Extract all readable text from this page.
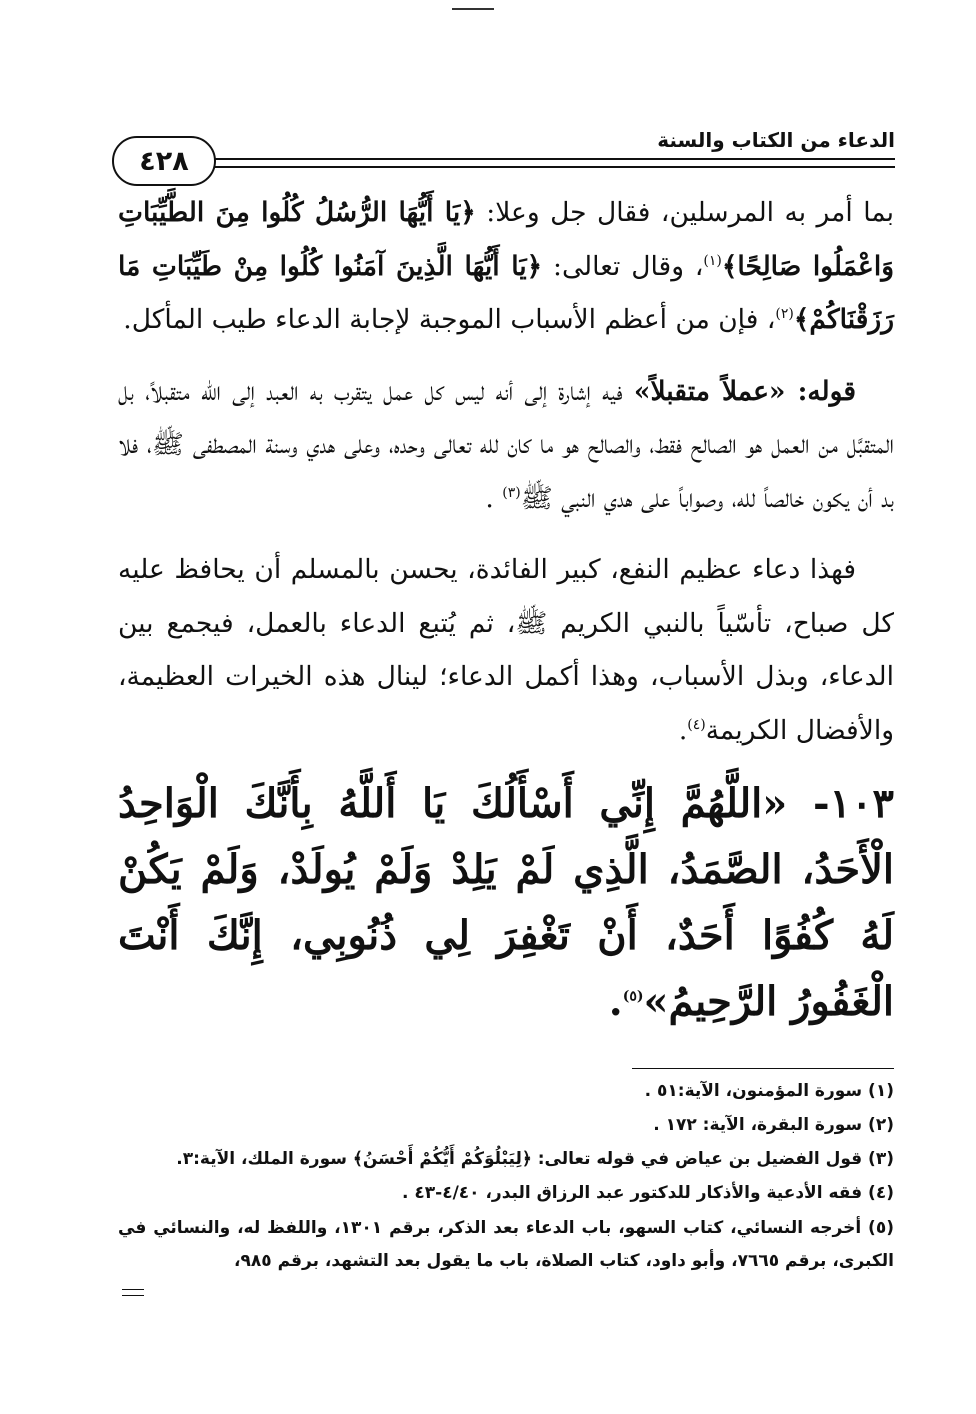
الدعاء من الكتاب والسنة
٤٢٨

بما أمر به المرسلين، فقال جل وعلا: ﴿يَا أَيُّهَا الرُّسُلُ كُلُوا مِنَ الطَّيِّبَاتِ وَاعْمَلُوا صَالِحًا﴾$^{(١)}$، وقال تعالى: ﴿يَا أَيُّهَا الَّذِينَ آمَنُوا كُلُوا مِنْ طَيِّبَاتِ مَا رَزَقْنَاكُمْ﴾$^{(٢)}$، فإن من أعظم الأسباب الموجبة لإجابة الدعاء طيب المأكل.

قوله: «عملاً متقبلاً» فيه إشارة إلى أنه ليس كل عمل يتقرب به العبد إلى الله متقبلاً، بل المتقبَّل من العمل هو الصالح فقط، والصالح هو ما كان لله تعالى وحده، وعلى هدي وسنة المصطفى ﷺ، فلا بد أن يكون خالصاً لله، وصواباً على هدي النبي ﷺ$^{(٣)}$ .

فهذا دعاء عظيم النفع، كبير الفائدة، يحسن بالمسلم أن يحافظ عليه كل صباح، تأسّياً بالنبي الكريم ﷺ، ثم يُتبع الدعاء بالعمل، فيجمع بين الدعاء، وبذل الأسباب، وهذا أكمل الدعاء؛ لينال هذه الخيرات العظيمة، والأفضال الكريمة$^{(٤)}$.

١٠٣- «اللَّهُمَّ إِنِّي أَسْأَلُكَ يَا أَللَّهُ بِأَنَّكَ الْوَاحِدُ الْأَحَدُ، الصَّمَدُ، الَّذِي لَمْ يَلِدْ وَلَمْ يُولَدْ، وَلَمْ يَكُنْ لَهُ كُفُوًا أَحَدٌ، أَنْ تَغْفِرَ لِي ذُنُوبِي، إِنَّكَ أَنْتَ الْغَفُورُ الرَّحِيمُ»$^{(٥)}$.

(١) سورة المؤمنون، الآية:٥١ .

(٢) سورة البقرة، الآية: ١٧٢ .

(٣) قول الفضيل بن عياض في قوله تعالى: ﴿لِيَبْلُوَكُمْ أَيُّكُمْ أَحْسَنُ﴾ سورة الملك، الآية:٣.

(٤) فقه الأدعية والأذكار للدكتور عبد الرزاق البدر، ٤/٤٠-٤٣ .

(٥) أخرجه النسائي، كتاب السهو، باب الدعاء بعد الذكر، برقم ١٣٠١، واللفظ له، والنسائي في الكبرى، برقم ٧٦٦٥، وأبو داود، كتاب الصلاة، باب ما يقول بعد التشهد، برقم ٩٨٥،
